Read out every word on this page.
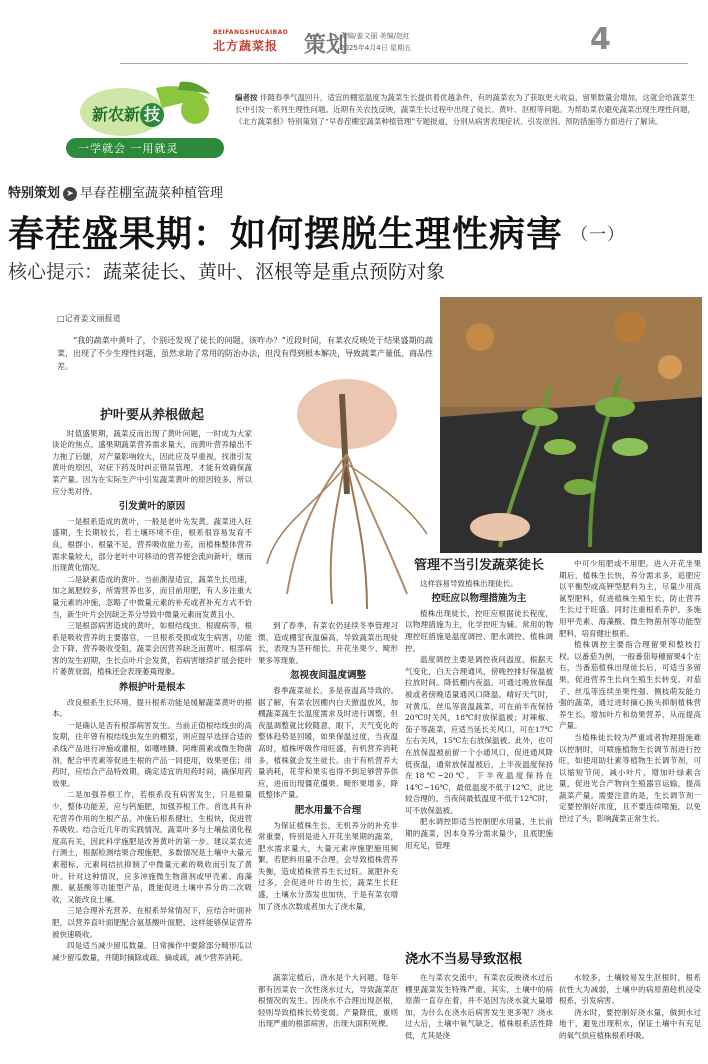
BEIFANGSHUCAIBAO
北方蔬菜报 策划
责编/姜文丽 美编/赵红
2025年4月4日 星期五	4
新农新 技
一学就会 一用就灵
编者按 伴随春季气温回升，适宜的棚室温度为蔬菜生长提供着优越条件，有的蔬菜农为了获取更大收益，留果数量会增加，这就会给蔬菜生长中引发一系列生理性问题。近期有关农技反映，蔬菜生长过程中出现了徒长、黄叶、沤根等问题。为帮助菜农避免蔬菜出现生理性问题，《北方蔬菜报》特别策划了“早春茬棚室蔬菜种植管理”专题报道，分别从病害表现症状、引发原因、预防措施等方面进行了解读。
特别策划 ➤ 早春茬棚室蔬菜种植管理
春茬盛果期：如何摆脱生理性病害 （一）
核心提示：蔬菜徒长、黄叶、沤根等是重点预防对象
□记者姜文丽报道
“我的蔬菜中黄叶了，个别还发现了徒长的问题，该咋办？”近段时间，有菜农反映处于结果盛期的蔬菜，出现了不少生理性问题，虽然求助了常用的防治办法，但没有得到根本解决，导致蔬菜产量低、商品性差。
护叶要从养根做起

时值盛果期，蔬菜反而出现了黄叶问题，一时成为大家谈论的焦点。盛果期蔬菜营养需求量大，而黄叶营养输出不力拖了后腿，对产量影响较大，因此应及早重视，找准引发黄叶的原因，对症下药及时纠正错误管理，才能有效确保蔬菜产量。因为在实际生产中引发蔬菜黄叶的原因较多，所以应分类对待。

引发黄叶的原因

一是根系造成的黄叶，一般是老叶先发黄。蔬菜进入旺盛期，生长期较长，若土壤环境不佳，根系很容易发育不良，根群小、根量不足，营养吸收能力差，而植株整体营养需求量较大，部分老叶中可移动的营养便会流向新叶，继而出现黄化情况。

二是缺素造成的黄叶。当前潮湿适宜，蔬菜生长迅速，加之氮肥较多，所需营养也多，而目前用肥，有人多注重大量元素的冲施，忽略了中微量元素的补充或者补充方式不恰当，新生叶片会因缺乏养分导致中微量元素而发黄且小。

三是根部病害造成的黄叶，如根结线虫、根腐病等，根系是吸收营养的主要器官，一旦根系受损或发生病害，功能会下降，营养吸收受阻，蔬菜会因营养缺乏而黄叶。根部病害的发生初期，生长点叶片会发黄，若病害继续扩展会使叶片萎黄衰弱，植株还会表现萎蔫现象。

养根护叶是根本

改良根系生长环境，提升根系功能是缓解蔬菜黄叶的根本。

一是确认是否有根部病害发生。当前正值根结线虫的高发期，往年曾有根结线虫发生的棚室，则应提早选择合适的杀线产品进行冲施或灌根，如噻唑膦、阿维菌素或微生物菌剂，配合甲壳素等促进生根的产品一同使用，效果更佳；用药时，应结合产品特效期，确定适宜的用药时间，确保用药效果。

二是加强养根工作，若根系没有病害发生，只是根量少，整体功能差，应与钙施肥，加强养根工作。首选具有补充营养作用的生根产品，冲施后根系健壮，生根快，促进营养吸收。结合近几年的实践情况，蔬菜叶多与土壤盐渍化程度高有关，因此科学施肥是改善黄叶的第一步。建议菜农进行测土，根据检测结果合理施肥，多数情况是土壤中大量元素超标，元素间拮抗抑制了中微量元素的吸收而引发了黄叶。针对这种情况，应多冲施微生物菌剂或甲壳素、海藻酸、氨基酸等功能型产品，既能促进土壤中养分的二次吸收，又能改良土壤。

三是合理补充营养。在根系异常情况下，应结合叶面补肥，以营养直叶面肥配合氨基酸叶面肥，这样能够保证营养被快速吸收。

四是适当减少留瓜数量。日常操作中要除部分畸形瓜以减少留瓜数量，并随时摘除或疏、摘或疏，减少营养消耗。

到了春季，有菜农仍延续冬季管理习惯，造成棚室夜温偏高，导致蔬菜出现徒长，表现为茎秆细长、开花坐果少、畸形果多等现象。

忽视夜间温度调整

春季蔬菜徒长，多是夜温高导致的。据了解，有菜农因棚内白天掀温放风，加棚蔬菜蔬生长温度需求及时进行调整，但夜温调整就比较随意，眼下，天气变化的整体趋势是回暖，如果保温过度，当夜温高时，植株呼吸作用旺盛，有机营养消耗多，植株就会发生徒长。由于有机营养大量消耗，花芽和果实也得不到足够营养供应，进而出现僵花僵果、畸形果增多，降低整体产量。

肥水用量不合理

为保证植株生长，无机养分的补充非常重要，特别是进入开花坐果期的蔬菜，肥水需求量大，大量元素冲施肥施用频繁，若肥料用量不合理，会导致植株营养失衡，造成植株营养生长过旺。氮肥补充过多，会促进叶片的生长，蔬菜生长旺盛，土壤水分蒸发也加快，于是有菜农增加了浇水次数或者加大了浇水量，

蔬菜定植后，浇水是个大问题，每年都有因菜农一次性浇水过大，导致蔬菜沤根情况的发生。因浇水不合理出现沤根，轻则导致植株长势变弱、产量降低，重则出现严重的根部病害，出现大面积死棵。

管理不当引发蔬菜徒长

这样容易导致植株出现徒长。

控旺应以物理措施为主

植株出现徒长，控旺应根据徒长程度，以物理措施为主，化学控旺为辅。常用的物理控旺措施是温度调控、肥水调控、植株调控。

温度调控主要是调控夜间温度，根据天气变化，白天合理通风，傍晚控排好保温被拉放时间。降低棚内夜温，可通过晚放保温被或者傍晚适量通风口降温。晴好天气时，对黄瓜、丝瓜等喜温蔬菜，可在前半夜保持20℃时关风，18℃时放保温被；对辣椒、茄子等蔬菜，应适当延长关风口，可在17℃左右关风，15℃左右放保温被。此外，也可在放保温被前留一个小通风口，促进通风降低夜温，通常放保温被后，上半夜温度保持在18℃~20℃，下半夜温度保持在14℃~16℃，最低温度不低于12℃，此比较合理的，当夜间最低温度不低于12℃时，可不放保温被。

肥水调控即适当控制肥水用量，生长前期的蔬菜，因本身养分需求量少，且底肥施用充足，管理

中可少用肥或不用肥。进入开花坐果期后，植株生长快，养分需求多，追肥应以平衡型或高钾型肥料为主，尽量少用高氮型肥料，促进植株生殖生长，防止营养生长过于旺盛。同时注重根系养护，多施用甲壳素、海藻酸、微生物菌剂等功能型肥料，培育健壮根系。

植株调控主要指合理留果和整枝打杈。以番茄为例，一般番茄每穗留果4个左右，当番茄植株出现徒长后，可适当多留果，促进营养生长向生殖生长转变。对茄子、丝瓜等连续坐果性强、侧枝萌发能力强的蔬菜，通过进时摘心换头抑制植株营养生长，增加叶片和幼果营养，从而提高产量。

当植株徒长较为严重或者物理措施难以控制时，可喷施植物生长调节剂进行控旺，如使用助壮素等植物生长调节剂，可以缩短节间、减小叶片，增加叶绿素含量，促进光合产物向生殖器官运输，提高蔬菜产量。需要注意的是，生长调节剂一定要控制好浓度，且不要连续喷施，以免控过了头，影响蔬菜正常生长。

浇水不当易导致沤根

在与菜农交流中，有菜农反映浇水过后棚里蔬菜发生特殊严重，其实，土壤中的病原菌一直存在着，并不是因为浇水就大量增加，为什么在浇水后病害发生更多呢？浇水过大后，土壤中氧气缺乏，植株根系活性降低，尤其是浇

水较多，土壤较易发生沤根时，根系抗性大为减弱，土壤中的病原菌趁机浸染根系，引发病害。

浇水时，要控制好浇水量，做到水过地干，避免出现积水，保证土壤中有充足的氧气供应植株根系呼吸。
